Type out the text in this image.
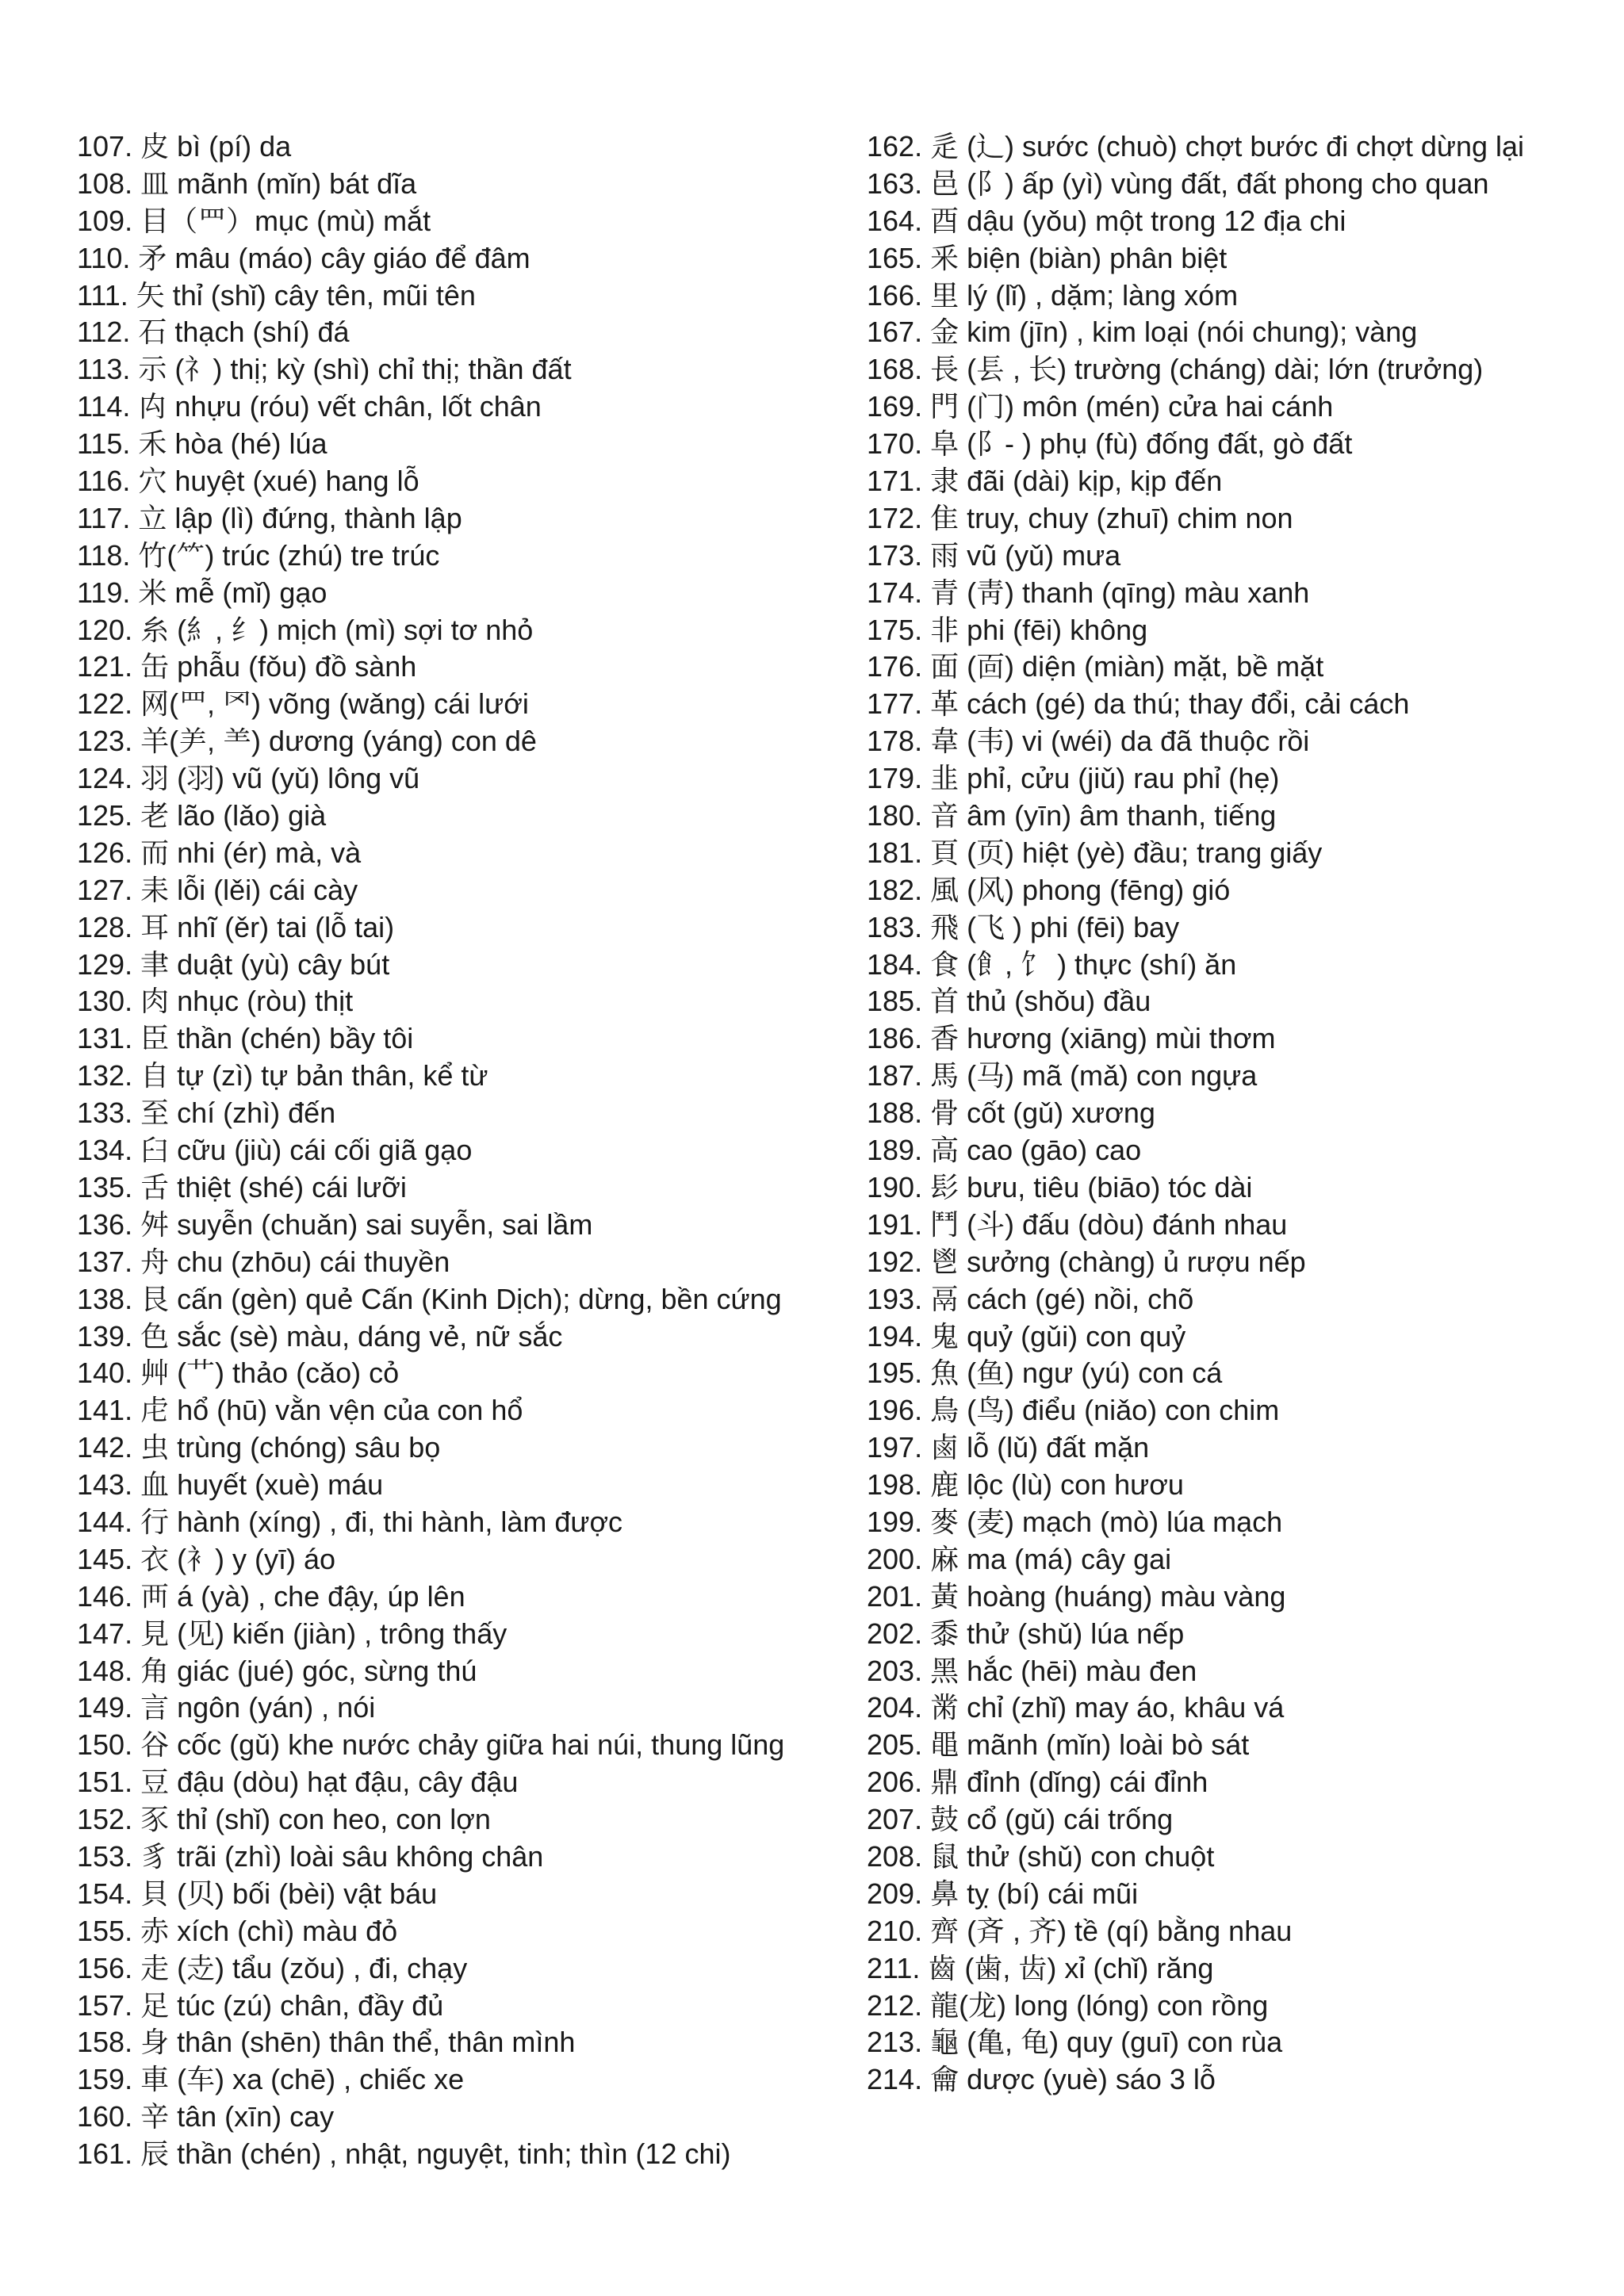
107. 皮 bì (pí) da
108. 皿 mãnh (mǐn) bát dĩa
109. 目（罒）mục (mù) mắt
110. 矛 mâu (máo) cây giáo để đâm
111. 矢 thỉ (shǐ) cây tên, mũi tên
112. 石 thạch (shí) đá
113. 示 (礻) thị; kỳ (shì) chỉ thị; thần đất
114. 禸 nhựu (róu) vết chân, lốt chân
115. 禾 hòa (hé) lúa
116. 穴 huyệt (xué) hang lỗ
117. 立 lập (lì) đứng, thành lập
118. 竹(⺮) trúc (zhú) tre trúc
119. 米 mễ (mǐ) gạo
120. 糸 (糹, 纟) mịch (mì) sợi tơ nhỏ
121. 缶 phẫu (fǒu) đồ sành
122. 网(罒, 罓) võng (wǎng) cái lưới
123. 羊(⺶, ⺷) dương (yáng) con dê
124. 羽 (羽) vũ (yǔ) lông vũ
125. 老 lão (lǎo) già
126. 而 nhi (ér) mà, và
127. 耒 lỗi (lěi) cái cày
128. 耳 nhĩ (ěr) tai (lỗ tai)
129. 聿 duật (yù) cây bút
130. 肉 nhục (ròu) thịt
131. 臣 thần (chén) bầy tôi
132. 自 tự (zì) tự bản thân, kể từ
133. 至 chí (zhì) đến
134. 臼 cữu (jiù) cái cối giã gạo
135. 舌 thiệt (shé) cái lưỡi
136. 舛 suyễn (chuǎn) sai suyễn, sai lầm
137. 舟 chu (zhōu) cái thuyền
138. 艮 cấn (gèn) quẻ Cấn (Kinh Dịch); dừng, bền cứng
139. 色 sắc (sè) màu, dáng vẻ, nữ sắc
140. 艸 (艹) thảo (cǎo) cỏ
141. 虍 hổ (hū) vằn vện của con hổ
142. 虫 trùng (chóng) sâu bọ
143. 血 huyết (xuè) máu
144. 行 hành (xíng) , đi, thi hành, làm được
145. 衣 (衤) y (yī) áo
146. 襾 á (yà) , che đậy, úp lên
147. 見 (见) kiến (jiàn) , trông thấy
148. 角 giác (jué) góc, sừng thú
149. 言 ngôn (yán) , nói
150. 谷 cốc (gǔ) khe nước chảy giữa hai núi, thung lũng
151. 豆 đậu (dòu) hạt đậu, cây đậu
152. 豕 thỉ (shǐ) con heo, con lợn
153. 豸 trãi (zhì) loài sâu không chân
154. 貝 (贝) bối (bèi) vật báu
155. 赤 xích (chì) màu đỏ
156. 走 (赱) tẩu (zǒu) , đi, chạy
157. 足 túc (zú) chân, đầy đủ
158. 身 thân (shēn) thân thể, thân mình
159. 車 (车) xa (chē) , chiếc xe
160. 辛 tân (xīn) cay
161. 辰 thần (chén) , nhật, nguyệt, tinh; thìn (12 chi)
162. 辵 (辶) sước (chuò) chợt bước đi chợt dừng lại
163. 邑 (阝) ấp (yì) vùng đất, đất phong cho quan
164. 酉 dậu (yǒu) một trong 12 địa chi
165. 釆 biện (biàn) phân biệt
166. 里 lý (lǐ) , dặm; làng xóm
167. 金 kim (jīn) , kim loại (nói chung); vàng
168. 長 (镸 , 长) trường (cháng) dài; lớn (trưởng)
169. 門 (门) môn (mén) cửa hai cánh
170. 阜 (阝- ) phụ (fù) đống đất, gò đất
171. 隶 đãi (dài) kịp, kịp đến
172. 隹 truy, chuy (zhuī) chim non
173. 雨 vũ (yǔ) mưa
174. 青 (靑) thanh (qīng) màu xanh
175. 非 phi (fēi) không
176. 面 (靣) diện (miàn) mặt, bề mặt
177. 革 cách (gé) da thú; thay đổi, cải cách
178. 韋 (韦) vi (wéi) da đã thuộc rồi
179. 韭 phỉ, cửu (jiǔ) rau phỉ (hẹ)
180. 音 âm (yīn) âm thanh, tiếng
181. 頁 (页) hiệt (yè) đầu; trang giấy
182. 風 (风) phong (fēng) gió
183. 飛 (飞 ) phi (fēi) bay
184. 食 (飠, 饣 ) thực (shí) ăn
185. 首 thủ (shǒu) đầu
186. 香 hương (xiāng) mùi thơm
187. 馬 (马) mã (mǎ) con ngựa
188. 骨 cốt (gǔ) xương
189. 高 cao (gāo) cao
190. 髟 bưu, tiêu (biāo) tóc dài
191. 鬥 (斗) đấu (dòu) đánh nhau
192. 鬯 sưởng (chàng) ủ rượu nếp
193. 鬲 cách (gé) nồi, chõ
194. 鬼 quỷ (gǔi) con quỷ
195. 魚 (鱼) ngư (yú) con cá
196. 鳥 (鸟) điểu (niǎo) con chim
197. 鹵 lỗ (lǔ) đất mặn
198. 鹿 lộc (lù) con hươu
199. 麥 (麦) mạch (mò) lúa mạch
200. 麻 ma (má) cây gai
201. 黃 hoàng (huáng) màu vàng
202. 黍 thử (shǔ) lúa nếp
203. 黑 hắc (hēi) màu đen
204. 黹 chỉ (zhǐ) may áo, khâu vá
205. 黽 mãnh (mǐn) loài bò sát
206. 鼎 đỉnh (dǐng) cái đỉnh
207. 鼓 cổ (gǔ) cái trống
208. 鼠 thử (shǔ) con chuột
209. 鼻 tỵ (bí) cái mũi
210. 齊 (斉 , 齐) tề (qí) bằng nhau
211. 齒 (歯, 齿) xỉ (chǐ) răng
212. 龍(龙) long (lóng) con rồng
213. 龜 (亀, 龟) quy (guī) con rùa
214. 龠 dược (yuè) sáo 3 lỗ
